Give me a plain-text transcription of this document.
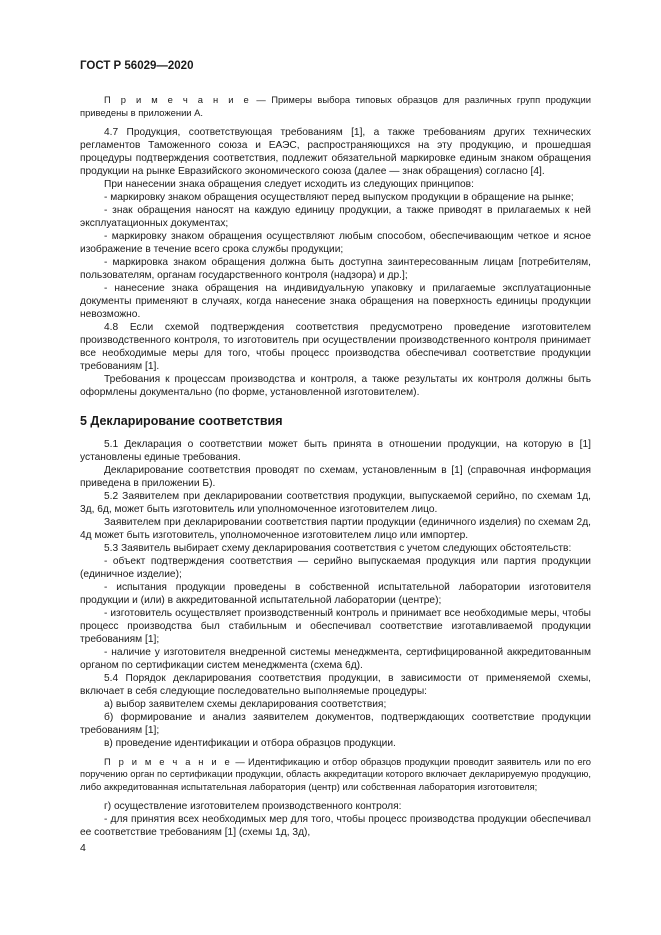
ГОСТ Р 56029—2020

П р и м е ч а н и е — Примеры выбора типовых образцов для различных групп продукции приведены в приложении А.

4.7 Продукция, соответствующая требованиям [1], а также требованиям других технических регламентов Таможенного союза и ЕАЭС, распространяющихся на эту продукцию, и прошедшая процедуры подтверждения соответствия, подлежит обязательной маркировке единым знаком обращения продукции на рынке Евразийского экономического союза (далее — знак обращения) согласно [4].

При нанесении знака обращения следует исходить из следующих принципов:

- маркировку знаком обращения осуществляют перед выпуском продукции в обращение на рынке;

- знак обращения наносят на каждую единицу продукции, а также приводят в прилагаемых к ней эксплуатационных документах;

- маркировку знаком обращения осуществляют любым способом, обеспечивающим четкое и ясное изображение в течение всего срока службы продукции;

- маркировка знаком обращения должна быть доступна заинтересованным лицам [потребителям, пользователям, органам государственного контроля (надзора) и др.];

- нанесение знака обращения на индивидуальную упаковку и прилагаемые эксплуатационные документы применяют в случаях, когда нанесение знака обращения на поверхность единицы продукции невозможно.

4.8 Если схемой подтверждения соответствия предусмотрено проведение изготовителем производственного контроля, то изготовитель при осуществлении производственного контроля принимает все необходимые меры для того, чтобы процесс производства обеспечивал соответствие продукции требованиям [1].

Требования к процессам производства и контроля, а также результаты их контроля должны быть оформлены документально (по форме, установленной изготовителем).

5 Декларирование соответствия

5.1 Декларация о соответствии может быть принята в отношении продукции, на которую в [1] установлены единые требования.

Декларирование соответствия проводят по схемам, установленным в [1] (справочная информация приведена в приложении Б).

5.2 Заявителем при декларировании соответствия продукции, выпускаемой серийно, по схемам 1д, 3д, 6д, может быть изготовитель или уполномоченное изготовителем лицо.

Заявителем при декларировании соответствия партии продукции (единичного изделия) по схемам 2д, 4д может быть изготовитель, уполномоченное изготовителем лицо или импортер.

5.3 Заявитель выбирает схему декларирования соответствия с учетом следующих обстоятельств:

- объект подтверждения соответствия — серийно выпускаемая продукция или партия продукции (единичное изделие);

- испытания продукции проведены в собственной испытательной лаборатории изготовителя продукции и (или) в аккредитованной испытательной лаборатории (центре);

- изготовитель осуществляет производственный контроль и принимает все необходимые меры, чтобы процесс производства был стабильным и обеспечивал соответствие изготавливаемой продукции требованиям [1];

- наличие у изготовителя внедренной системы менеджмента, сертифицированной аккредитованным органом по сертификации систем менеджмента (схема 6д).

5.4 Порядок декларирования соответствия продукции, в зависимости от применяемой схемы, включает в себя следующие последовательно выполняемые процедуры:

а) выбор заявителем схемы декларирования соответствия;

б) формирование и анализ заявителем документов, подтверждающих соответствие продукции требованиям [1];

в) проведение идентификации и отбора образцов продукции.

П р и м е ч а н и е — Идентификацию и отбор образцов продукции проводит заявитель или по его поручению орган по сертификации продукции, область аккредитации которого включает декларируемую продукцию, либо аккредитованная испытательная лаборатория (центр) или собственная лаборатория изготовителя;

г) осуществление изготовителем производственного контроля:

- для принятия всех необходимых мер для того, чтобы процесс производства продукции обеспечивал ее соответствие требованиям [1] (схемы 1д, 3д),

4
